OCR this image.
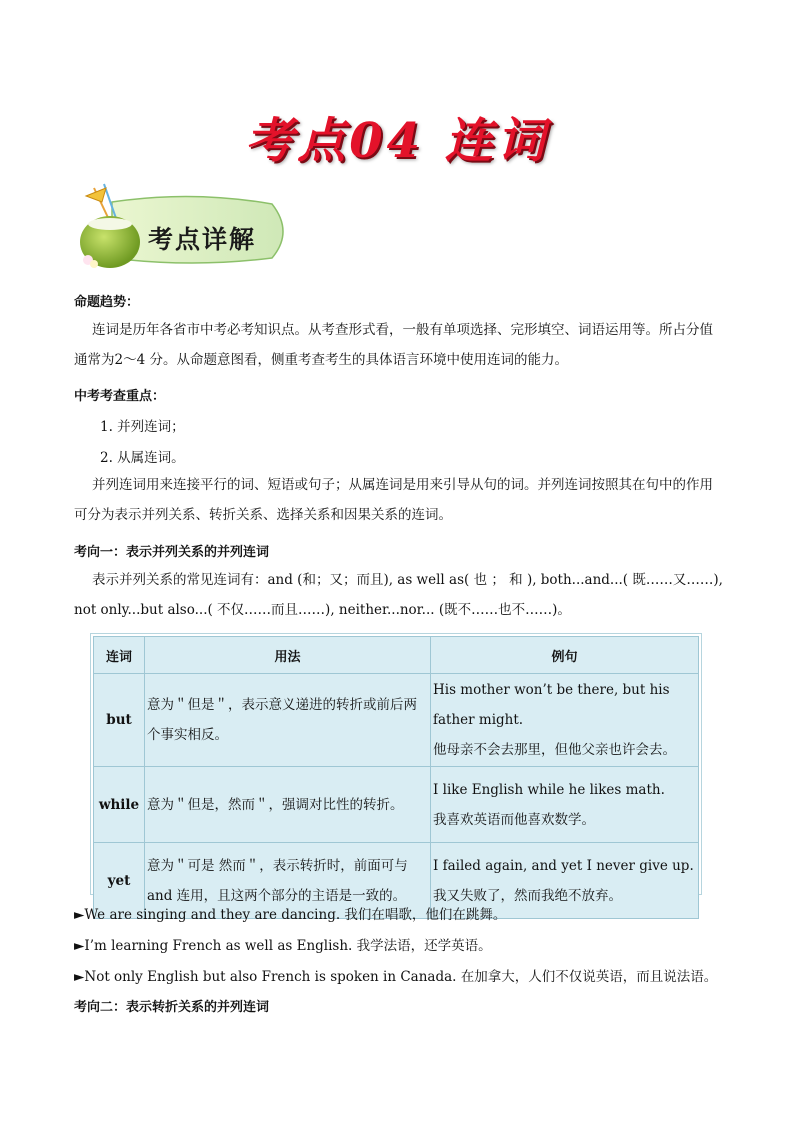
考点04 连词
考点详解
命题趋势：
连词是历年各省市中考必考知识点。从考查形式看，一般有单项选择、完形填空、词语运用等。所占分值通常为2～4 分。从命题意图看，侧重考查考生的具体语言环境中使用连词的能力。
中考考查重点：
1. 并列连词；
2. 从属连词。
并列连词用来连接平行的词、短语或句子；从属连词是用来引导从句的词。并列连词按照其在句中的作用可分为表示并列关系、转折关系、选择关系和因果关系的连词。
考向一：表示并列关系的并列连词
表示并列关系的常见连词有：and (和；又；而且), as well as( 也 ； 和 ), both...and...( 既……又……), not only...but also...( 不仅……而且……), neither...nor... (既不……也不……)。
连词	用法	例句
but	意为＂但是＂，表示意义递进的转折或前后两个事实相反。	His mother won’t be there, but his father might.
他母亲不会去那里，但他父亲也许会去。

while	意为＂但是，然而＂，强调对比性的转折。	I like English while he likes math.
我喜欢英语而他喜欢数学。

yet	意为＂可是 然而＂，表示转折时，前面可与 and 连用，且这两个部分的主语是一致的。	I failed again, and yet I never give up.
我又失败了，然而我绝不放弃。
►We are singing and they are dancing. 我们在唱歌，他们在跳舞。
►I’m learning French as well as English. 我学法语，还学英语。
►Not only English but also French is spoken in Canada. 在加拿大，人们不仅说英语，而且说法语。
考向二：表示转折关系的并列连词
